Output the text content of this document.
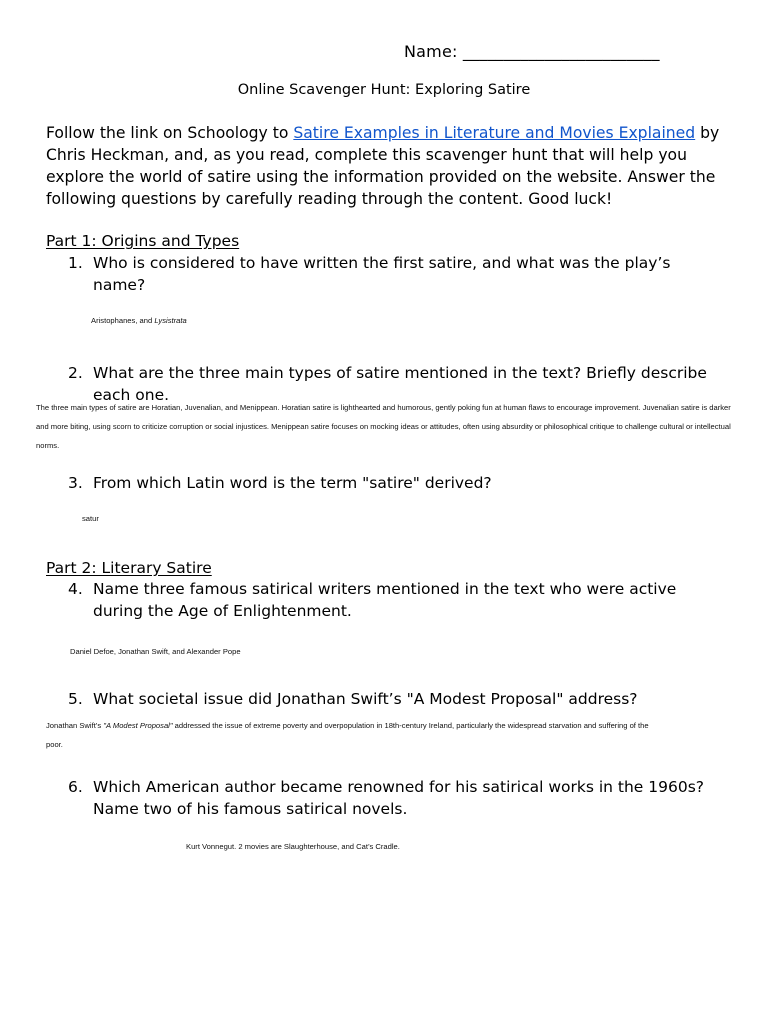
Name: ________________________
Online Scavenger Hunt: Exploring Satire
Follow the link on Schoology to Satire Examples in Literature and Movies Explained by Chris Heckman, and, as you read, complete this scavenger hunt that will help you explore the world of satire using the information provided on the website. Answer the following questions by carefully reading through the content. Good luck!
Part 1: Origins and Types
1. Who is considered to have written the first satire, and what was the play’s name?
Aristophanes, and Lysistrata
2. What are the three main types of satire mentioned in the text? Briefly describe each one.
The three main types of satire are Horatian, Juvenalian, and Menippean. Horatian satire is lighthearted and humorous, gently poking fun at human flaws to encourage improvement. Juvenalian satire is darker and more biting, using scorn to criticize corruption or social injustices. Menippean satire focuses on mocking ideas or attitudes, often using absurdity or philosophical critique to challenge cultural or intellectual norms.
3. From which Latin word is the term "satire" derived?
satur
Part 2: Literary Satire
4. Name three famous satirical writers mentioned in the text who were active during the Age of Enlightenment.
Daniel Defoe, Jonathan Swift, and Alexander Pope
5. What societal issue did Jonathan Swift’s "A Modest Proposal" address?
Jonathan Swift’s "A Modest Proposal" addressed the issue of extreme poverty and overpopulation in 18th-century Ireland, particularly the widespread starvation and suffering of the poor.
6. Which American author became renowned for his satirical works in the 1960s? Name two of his famous satirical novels.
Kurt Vonnegut. 2 movies are Slaughterhouse, and Cat’s Cradle.
